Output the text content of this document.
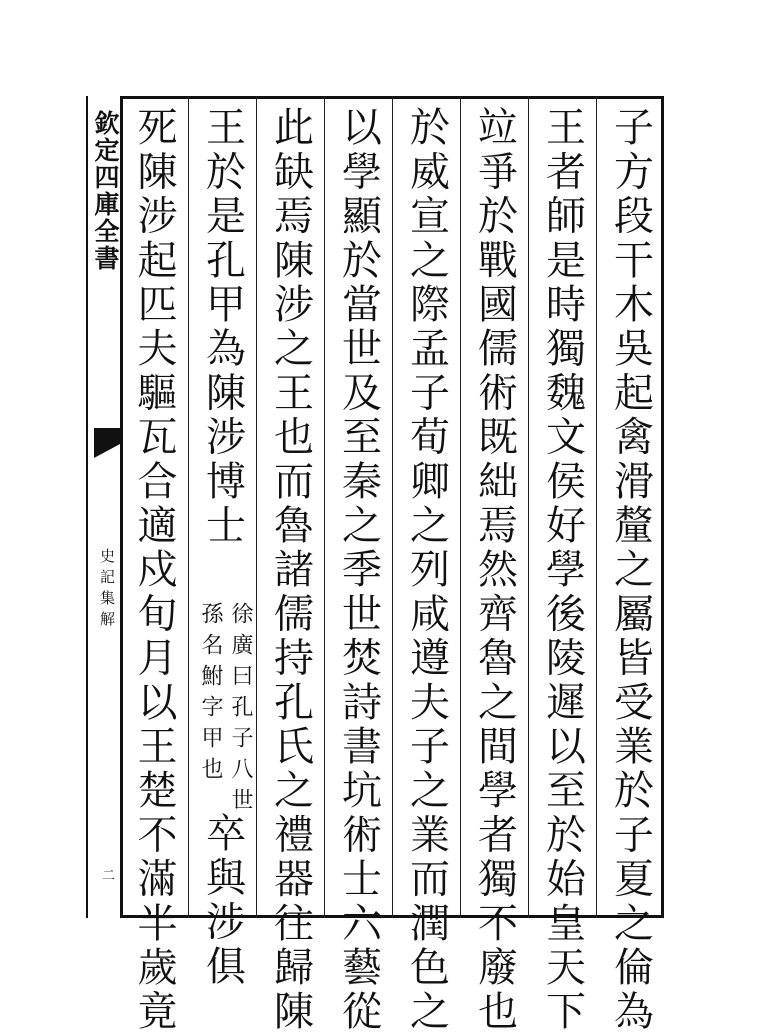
欽定四庫全書
史記集解
二	子方段干木吳起禽滑釐之屬皆受業於子夏之倫為
王者師是時獨魏文侯好學後陵遲以至於始皇天下
竝爭於戰國儒術既絀焉然齊魯之間學者獨不廢也
於威宣之際孟子荀卿之列咸遵夫子之業而潤色之
以學顯於當世及至秦之季世焚詩書坑術士六藝從
此缺焉陳涉之王也而魯諸儒持孔氏之禮器往歸陳
王於是孔甲為陳涉博士
徐廣曰孔子八世
孫名鮒字甲也
卒與涉俱
死陳涉起匹夫驅瓦合適戍旬月以王楚不滿半歲竟
